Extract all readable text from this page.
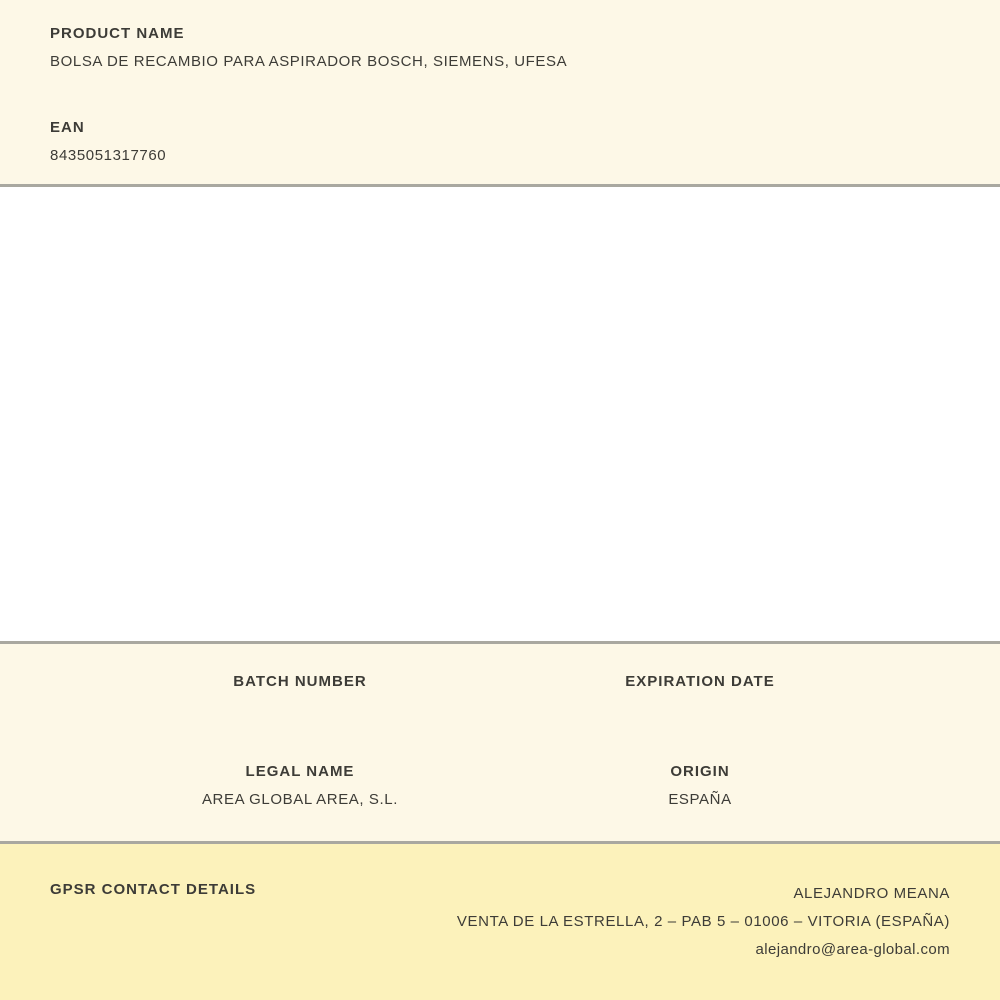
PRODUCT NAME
BOLSA DE RECAMBIO PARA ASPIRADOR BOSCH, SIEMENS, UFESA
EAN
8435051317760
BATCH NUMBER	EXPIRATION DATE
LEGAL NAME
AREA GLOBAL AREA, S.L.
ORIGIN
ESPAÑA
GPSR CONTACT DETAILS	ALEJANDRO MEANA
VENTA DE LA ESTRELLA, 2 – PAB 5 – 01006 – VITORIA (ESPAÑA)
alejandro@area-global.com
